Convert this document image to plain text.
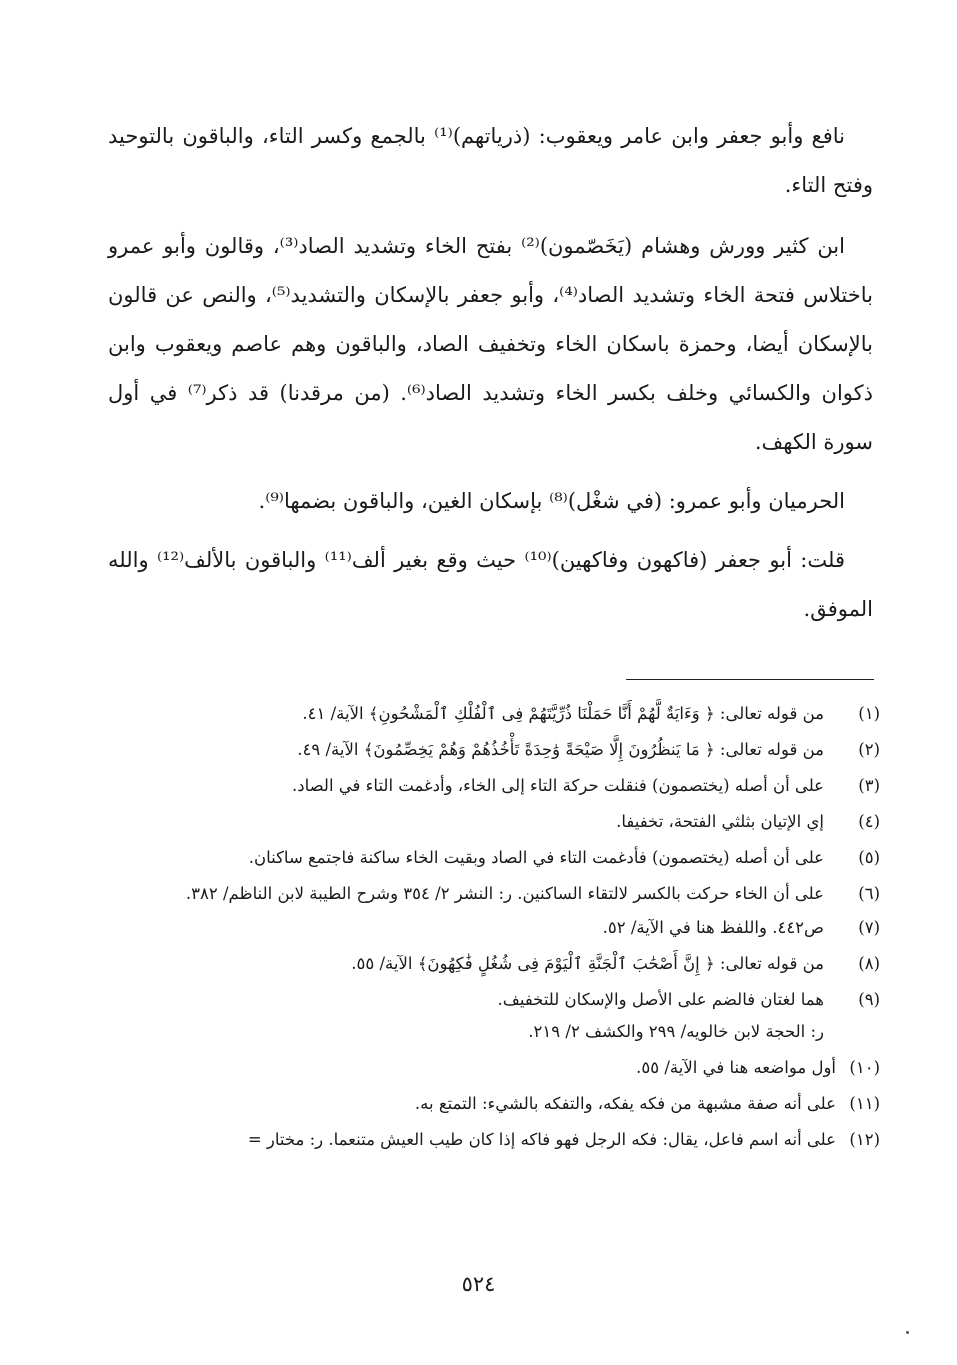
نافع وأبو جعفر وابن عامر ويعقوب: (ذرياتهم)⁽¹⁾ بالجمع وكسر التاء، والباقون بالتوحيد وفتح التاء.

ابن كثير وورش وهشام (يَخَصّمون)⁽²⁾ بفتح الخاء وتشديد الصاد⁽³⁾، وقالون وأبو عمرو باختلاس فتحة الخاء وتشديد الصاد⁽⁴⁾، وأبو جعفر بالإسكان والتشديد⁽⁵⁾، والنص عن قالون بالإسكان أيضا، وحمزة باسكان الخاء وتخفيف الصاد، والباقون وهم عاصم ويعقوب وابن ذكوان والكسائي وخلف بكسر الخاء وتشديد الصاد⁽⁶⁾. (من مرقدنا) قد ذكر⁽⁷⁾ في أول سورة الكهف.

الحرميان وأبو عمرو: (في شغْل)⁽⁸⁾ بإسكان الغين، والباقون بضمها⁽⁹⁾.

قلت: أبو جعفر (فاكهون وفاكهين)⁽¹⁰⁾ حيث وقع بغير ألف⁽¹¹⁾ والباقون بالألف⁽¹²⁾ والله الموفق.

(١)
من قوله تعالى: ﴿ وَءَايَةٌ لَّهُمْ أَنَّا حَمَلْنَا ذُرِّيَّتَهُمْ فِى ٱلْفُلْكِ ٱلْمَشْحُونِ﴾ الآية/ ٤١.
(٢)
من قوله تعالى: ﴿ مَا يَنظُرُونَ إِلَّا صَيْحَةً وَٰحِدَةً تَأْخُذُهُمْ وَهُمْ يَخِصِّمُونَ﴾ الآية/ ٤٩.
(٣)
على أن أصله (يختصمون) فنقلت حركة التاء إلى الخاء، وأدغمت التاء في الصاد.
(٤)
إي الإتيان بثلثي الفتحة، تخفيفا.
(٥)
على أن أصله (يختصمون) فأدغمت التاء في الصاد وبقيت الخاء ساكنة فاجتمع ساكنان.
(٦)
على أن الخاء حركت بالكسر لالتقاء الساكنين. ر: النشر ٢/ ٣٥٤ وشرح الطيبة لابن الناظم/ ٣٨٢.
(٧)
ص٤٤٢. واللفظ هنا في الآية/ ٥٢.
(٨)
من قوله تعالى: ﴿ إِنَّ أَصْحَٰبَ ٱلْجَنَّةِ ٱلْيَوْمَ فِى شُغُلٍ فَٰكِهُونَ﴾ الآية/ ٥٥.
(٩)
هما لغتان فالضم على الأصل والإسكان للتخفيف.
ر: الحجة لابن خالويه/ ٢٩٩ والكشف ٢/ ٢١٩.
(١٠)
أول مواضعه هنا في الآية/ ٥٥.
(١١)
على أنه صفة مشبهة من فكه يفكه، والتفكه بالشيء: التمتع به.
(١٢)
على أنه اسم فاعل، يقال: فكه الرجل فهو فاكه إذا كان طيب العيش متنعما. ر: مختار =
٥٢٤
